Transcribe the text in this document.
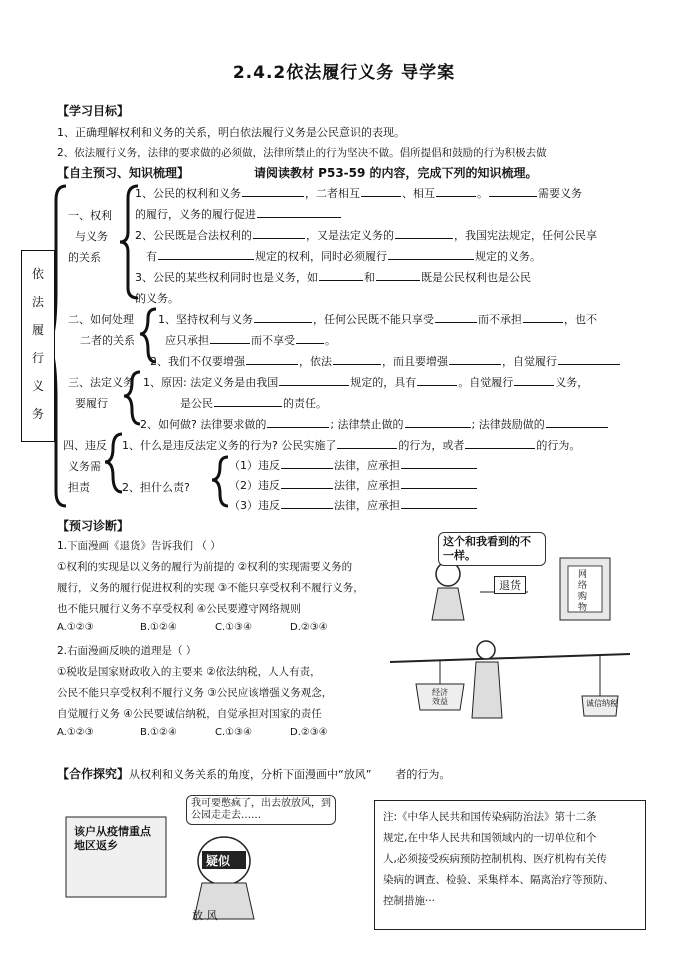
2.4.2依法履行义务 导学案
【学习目标】
1、正确理解权利和义务的关系，明白依法履行义务是公民意识的表现。
2、依法履行义务，法律的要求做的必须做，法律所禁止的行为坚决不做。倡所提倡和鼓励的行为积极去做
【自主预习、知识梳理】	请阅读教材 P53-59 的内容，完成下列的知识梳理。
依
法
履
行
义
务
一、权利
与义务
的关系
1、公民的权利和义务	，二者相互	、相互	。	需要义务
的履行，义务的履行促进
2、公民既是合法权利的	，又是法定义务的	，我国宪法规定，任何公民享
有	规定的权利，同时必须履行	规定的义务。
3、公民的某些权利同时也是义务，如	和	既是公民权利也是公民
的义务。
二、如何处理
二者的关系
1、坚持权利与义务	，任何公民既不能只享受	而不承担	，也不
应只承担	而不享受	。
2、我们不仅要增强	，依法	，而且要增强	，自觉履行
三、法定义务
要履行
1、原因: 法定义务是由我国	规定的，具有	。自觉履行	义务，
是公民	的责任。
2、如何做? 法律要求做的	; 法律禁止做的	; 法律鼓励做的
四、违反
义务需
担责
1、什么是违反法定义务的行为? 公民实施了	的行为，或者	的行为。
2、担什么责?
（1）违反	法律，应承担
（2）违反	法律，应承担
（3）违反	法律，应承担
【预习诊断】
1.下面漫画《退货》告诉我们 （ ）
①权利的实现是以义务的履行为前提的 ②权利的实现需要义务的
履行，义务的履行促进权利的实现 ③不能只享受权利不履行义务，
也不能只履行义务不享受权利 ④公民要遵守网络规则
A.①②③	B.①②④	C.①③④	D.②③④
这个和我看到的不一样。
退货
网络购物
2.右面漫画反映的道理是（ ）
①税收是国家财政收入的主要来 ②依法纳税，人人有责，
公民不能只享受权利不履行义务 ③公民应该增强义务观念，
自觉履行义务 ④公民要诚信纳税，自觉承担对国家的责任
A.①②③	B.①②④	C.①③④	D.②③④
经济效益	诚信纳税
【合作探究】从权利和义务关系的角度，分析下面漫画中“放风” 者的行为。
该户从疫情重点地区返乡
我可要憋疯了，出去放放风，到公园走走去……
疑似
放 风
注:《中华人民共和国传染病防治法》第十二条
规定,在中华人民共和国领域内的一切单位和个
人,必须接受疾病预防控制机构、医疗机构有关传
染病的调查、检验、采集样本、隔离治疗等预防、
控制措施···
